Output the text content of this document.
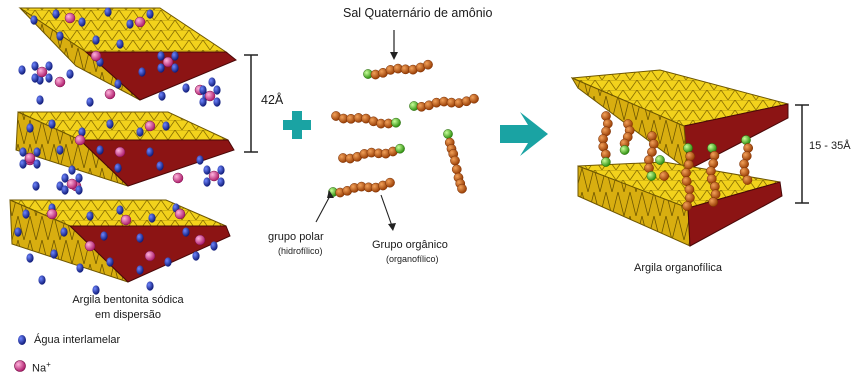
Sal Quaternário de amônio
42Å
15 - 35Å
grupo polar
(hidrofílico)	Grupo orgânico
(organofílico)
Argila bentonita sódica
em dispersão
Argila organofílica
Água interlamelar
Na+
